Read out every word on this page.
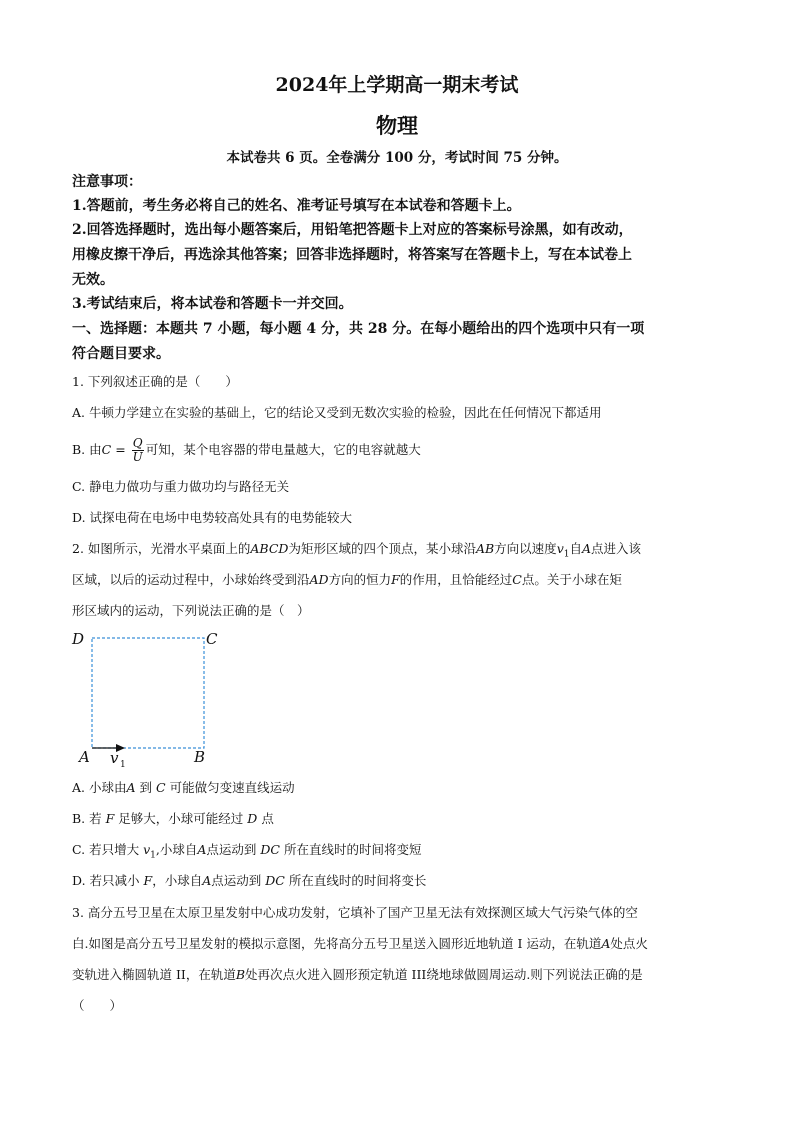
2024年上学期高一期末考试
物理
本试卷共 6 页。全卷满分 100 分，考试时间 75 分钟。
注意事项：
1.答题前，考生务必将自己的姓名、准考证号填写在本试卷和答题卡上。
2.回答选择题时，选出每小题答案后，用铅笔把答题卡上对应的答案标号涂黑，如有改动，
用橡皮擦干净后，再选涂其他答案；回答非选择题时，将答案写在答题卡上，写在本试卷上
无效。
3.考试结束后，将本试卷和答题卡一并交回。
一、选择题：本题共 7 小题，每小题 4 分，共 28 分。在每小题给出的四个选项中只有一项
符合题目要求。
1. 下列叙述正确的是（　　）
A. 牛顿力学建立在实验的基础上，它的结论又受到无数次实验的检验，因此在任何情况下都适用
B. 由$C = \frac{Q}{U}$ 可知，某个电容器的带电量越大，它的电容就越大
C. 静电力做功与重力做功均与路径无关
D. 试探电荷在电场中电势较高处具有的电势能较大
2. 如图所示，光滑水平桌面上的ABCD为矩形区域的四个顶点，某小球沿AB方向以速度$v_1$自A点进入该
区域，以后的运动过程中，小球始终受到沿AD方向的恒力F的作用，且恰能经过C点。关于小球在矩
形区域内的运动，下列说法正确的是（　）
D	C
A	B
v 1
A. 小球由A 到 C 可能做匀变速直线运动
B. 若 F 足够大，小球可能经过 D 点
C. 若只增大 $v_1$,小球自A点运动到 DC 所在直线时的时间将变短
D. 若只减小 F，小球自A点运动到 DC 所在直线时的时间将变长
3. 高分五号卫星在太原卫星发射中心成功发射，它填补了国产卫星无法有效探测区域大气污染气体的空
白.如图是高分五号卫星发射的模拟示意图，先将高分五号卫星送入圆形近地轨道 I 运动，在轨道A处点火
变轨进入椭圆轨道 II，在轨道B处再次点火进入圆形预定轨道 III绕地球做圆周运动.则下列说法正确的是
（　　）
